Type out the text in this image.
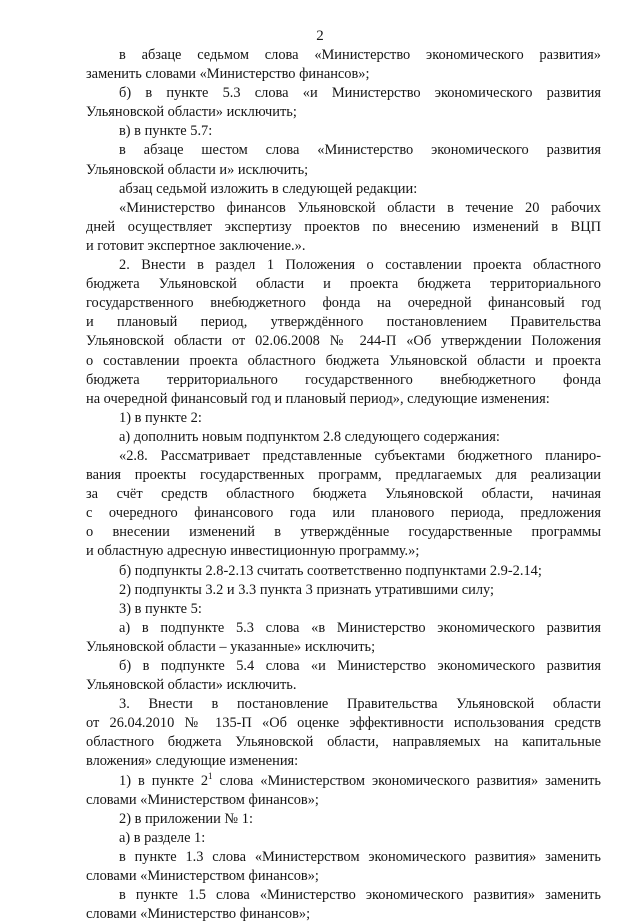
2
в абзаце седьмом слова «Министерство экономического развития»
заменить словами «Министерство финансов»;
б) в пункте 5.3 слова «и Министерство экономического развития
Ульяновской области» исключить;
в) в пункте 5.7:
в абзаце шестом слова «Министерство экономического развития
Ульяновской области и» исключить;
абзац седьмой изложить в следующей редакции:
«Министерство финансов Ульяновской области в течение 20 рабочих
дней осуществляет экспертизу проектов по внесению изменений в ВЦП
и готовит экспертное заключение.».
2. Внести в раздел 1 Положения о составлении проекта областного
бюджета Ульяновской области и проекта бюджета территориального
государственного внебюджетного фонда на очередной финансовый год
и плановый период, утверждённого постановлением Правительства
Ульяновской области от 02.06.2008 № 244-П «Об утверждении Положения
о составлении проекта областного бюджета Ульяновской области и проекта
бюджета территориального государственного внебюджетного фонда
на очередной финансовый год и плановый период», следующие изменения:
1) в пункте 2:
а) дополнить новым подпунктом 2.8 следующего содержания:
«2.8. Рассматривает представленные субъектами бюджетного планиро-
вания проекты государственных программ, предлагаемых для реализации
за счёт средств областного бюджета Ульяновской области, начиная
с очередного финансового года или планового периода, предложения
о внесении изменений в утверждённые государственные программы
и областную адресную инвестиционную программу.»;
б) подпункты 2.8-2.13 считать соответственно подпунктами 2.9-2.14;
2) подпункты 3.2 и 3.3 пункта 3 признать утратившими силу;
3) в пункте 5:
а) в подпункте 5.3 слова «в Министерство экономического развития
Ульяновской области – указанные» исключить;
б) в подпункте 5.4 слова «и Министерство экономического развития
Ульяновской области» исключить.
3. Внести в постановление Правительства Ульяновской области
от 26.04.2010 № 135-П «Об оценке эффективности использования средств
областного бюджета Ульяновской области, направляемых на капитальные
вложения» следующие изменения:
1) в пункте $2^1$ слова «Министерством экономического развития» заменить
словами «Министерством финансов»;
2) в приложении № 1:
а) в разделе 1:
в пункте 1.3 слова «Министерством экономического развития» заменить
словами «Министерством финансов»;
в пункте 1.5 слова «Министерство экономического развития» заменить
словами «Министерство финансов»;
